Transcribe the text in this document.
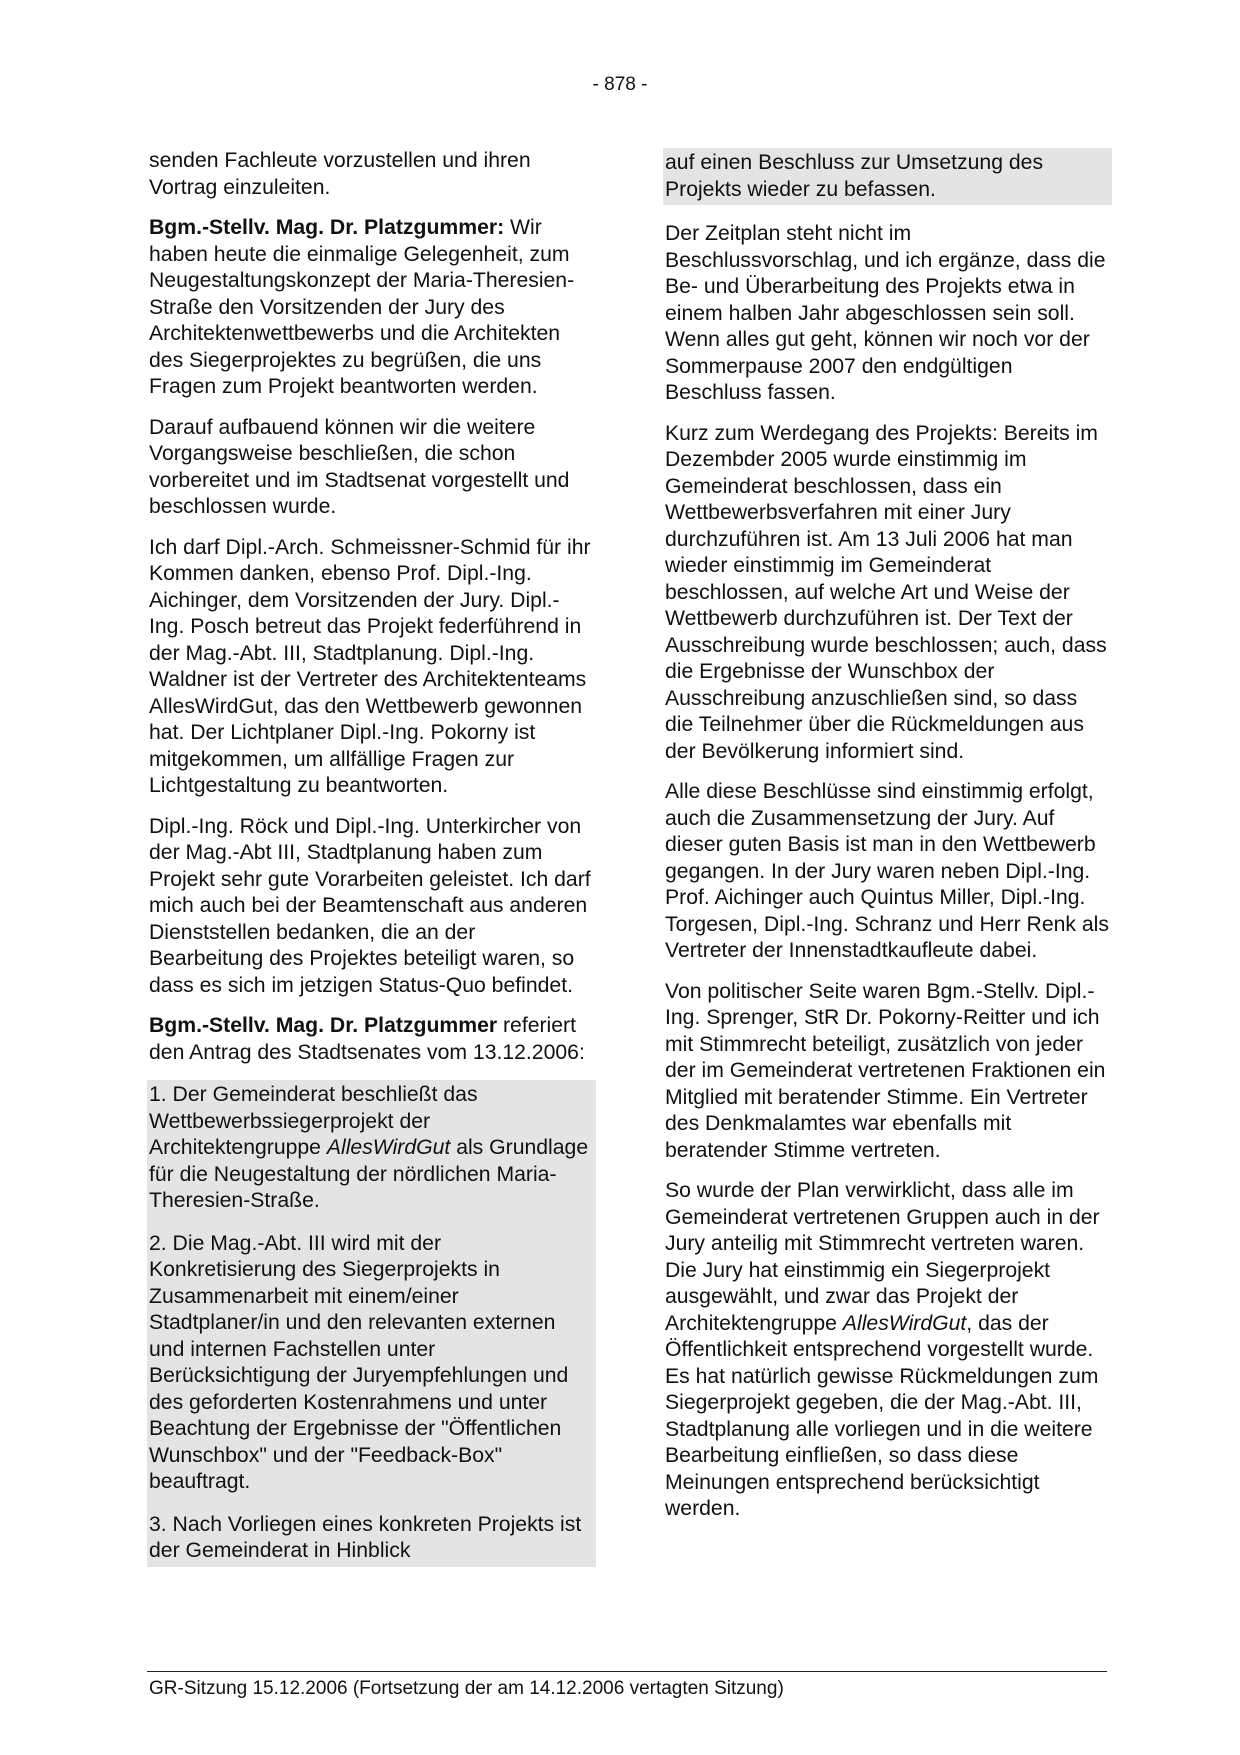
- 878 -

senden Fachleute vorzustellen und ihren Vortrag einzuleiten.

Bgm.-Stellv. Mag. Dr. Platzgummer: Wir haben heute die einmalige Gelegenheit, zum Neugestaltungskonzept der Maria-Theresien-Straße den Vorsitzenden der Jury des Architektenwettbewerbs und die Architekten des Siegerprojektes zu begrüßen, die uns Fragen zum Projekt beantworten werden.

Darauf aufbauend können wir die weitere Vorgangsweise beschließen, die schon vorbereitet und im Stadtsenat vorgestellt und beschlossen wurde.

Ich darf Dipl.-Arch. Schmeissner-Schmid für ihr Kommen danken, ebenso Prof. Dipl.-Ing. Aichinger, dem Vorsitzenden der Jury. Dipl.-Ing. Posch betreut das Projekt federführend in der Mag.-Abt. III, Stadtplanung. Dipl.-Ing. Waldner ist der Vertreter des Architektenteams AllesWirdGut, das den Wettbewerb gewonnen hat. Der Lichtplaner Dipl.-Ing. Pokorny ist mitgekommen, um allfällige Fragen zur Lichtgestaltung zu beantworten.

Dipl.-Ing. Röck und Dipl.-Ing. Unterkircher von der Mag.-Abt III, Stadtplanung haben zum Projekt sehr gute Vorarbeiten geleistet. Ich darf mich auch bei der Beamtenschaft aus anderen Dienststellen bedanken, die an der Bearbeitung des Projektes beteiligt waren, so dass es sich im jetzigen Status-Quo befindet.

Bgm.-Stellv. Mag. Dr. Platzgummer referiert den Antrag des Stadtsenates vom 13.12.2006:

1. Der Gemeinderat beschließt das Wettbewerbssiegerprojekt der Architektengruppe AllesWirdGut als Grundlage für die Neugestaltung der nördlichen Maria-Theresien-Straße.

2. Die Mag.-Abt. III wird mit der Konkretisierung des Siegerprojekts in Zusammenarbeit mit einem/einer Stadtplaner/in und den relevanten externen und internen Fachstellen unter Berücksichtigung der Juryempfehlungen und des geforderten Kostenrahmens und unter Beachtung der Ergebnisse der "Öffentlichen Wunschbox" und der "Feedback-Box" beauftragt.

3. Nach Vorliegen eines konkreten Projekts ist der Gemeinderat in Hinblick

auf einen Beschluss zur Umsetzung des Projekts wieder zu befassen.

Der Zeitplan steht nicht im Beschlussvorschlag, und ich ergänze, dass die Be- und Überarbeitung des Projekts etwa in einem halben Jahr abgeschlossen sein soll. Wenn alles gut geht, können wir noch vor der Sommerpause 2007 den endgültigen Beschluss fassen.

Kurz zum Werdegang des Projekts: Bereits im Dezembder 2005 wurde einstimmig im Gemeinderat beschlossen, dass ein Wettbewerbsverfahren mit einer Jury durchzuführen ist. Am 13 Juli 2006 hat man wieder einstimmig im Gemeinderat beschlossen, auf welche Art und Weise der Wettbewerb durchzuführen ist. Der Text der Ausschreibung wurde beschlossen; auch, dass die Ergebnisse der Wunschbox der Ausschreibung anzuschließen sind, so dass die Teilnehmer über die Rückmeldungen aus der Bevölkerung informiert sind.

Alle diese Beschlüsse sind einstimmig erfolgt, auch die Zusammensetzung der Jury. Auf dieser guten Basis ist man in den Wettbewerb gegangen. In der Jury waren neben Dipl.-Ing. Prof. Aichinger auch Quintus Miller, Dipl.-Ing. Torgesen, Dipl.-Ing. Schranz und Herr Renk als Vertreter der Innenstadtkaufleute dabei.

Von politischer Seite waren Bgm.-Stellv. Dipl.-Ing. Sprenger, StR Dr. Pokorny-Reitter und ich mit Stimmrecht beteiligt, zusätzlich von jeder der im Gemeinderat vertretenen Fraktionen ein Mitglied mit beratender Stimme. Ein Vertreter des Denkmalamtes war ebenfalls mit beratender Stimme vertreten.

So wurde der Plan verwirklicht, dass alle im Gemeinderat vertretenen Gruppen auch in der Jury anteilig mit Stimmrecht vertreten waren. Die Jury hat einstimmig ein Siegerprojekt ausgewählt, und zwar das Projekt der Architektengruppe AllesWirdGut, das der Öffentlichkeit entsprechend vorgestellt wurde. Es hat natürlich gewisse Rückmeldungen zum Siegerprojekt gegeben, die der Mag.-Abt. III, Stadtplanung alle vorliegen und in die weitere Bearbeitung einfließen, so dass diese Meinungen entsprechend berücksichtigt werden.

GR-Sitzung 15.12.2006 (Fortsetzung der am 14.12.2006 vertagten Sitzung)
